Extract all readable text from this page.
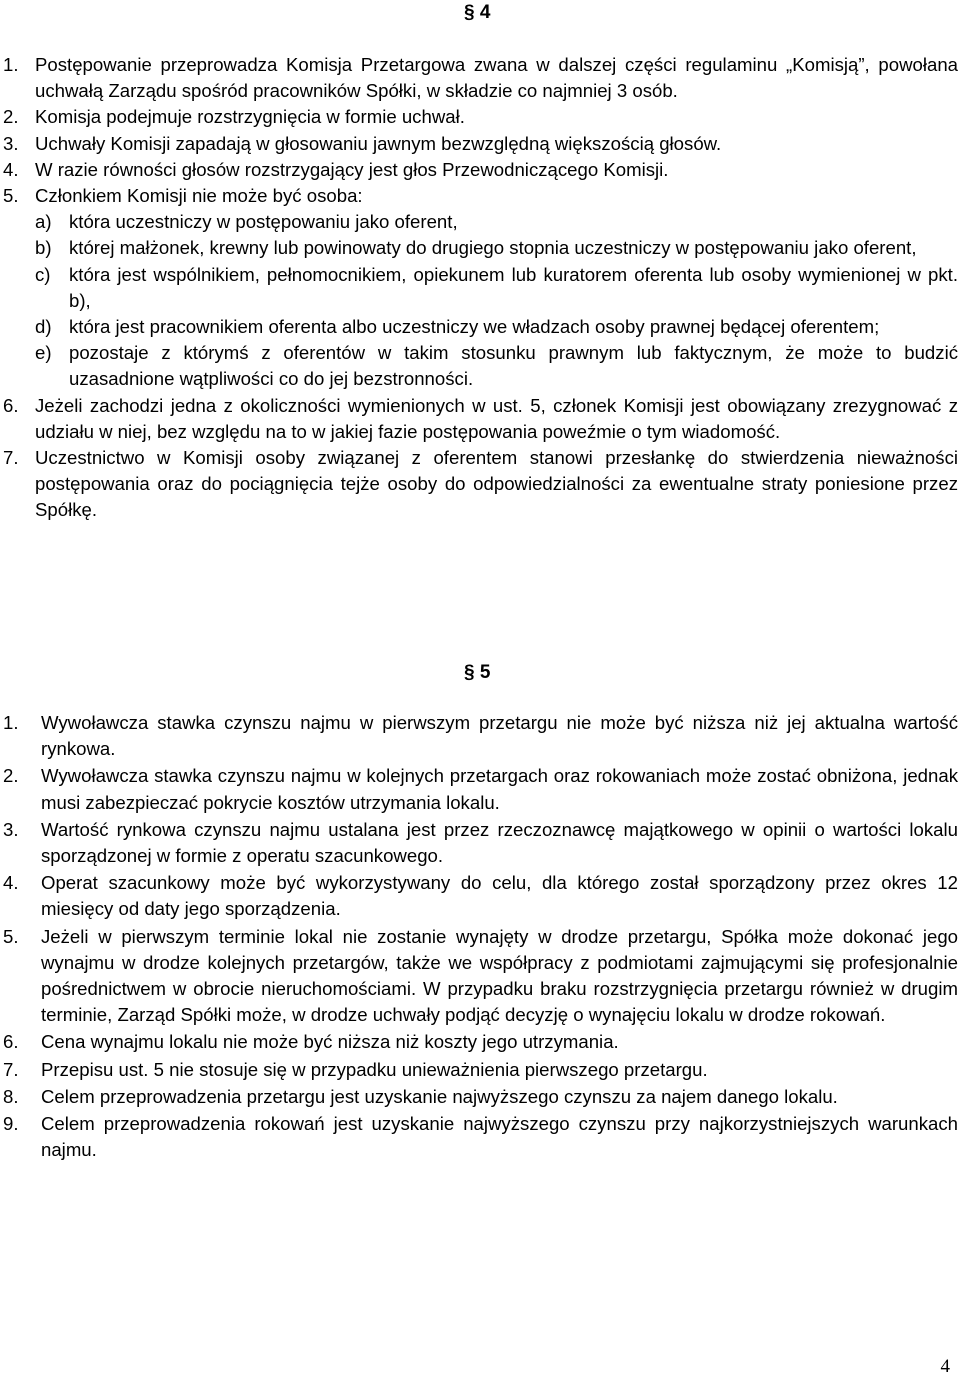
§ 4
1. Postępowanie przeprowadza Komisja Przetargowa zwana w dalszej części regulaminu „Komisją”, powołana uchwałą Zarządu spośród pracowników Spółki, w składzie co najmniej 3 osób.
2. Komisja podejmuje rozstrzygnięcia w formie uchwał.
3. Uchwały Komisji zapadają w głosowaniu jawnym bezwzględną większością głosów.
4. W razie równości głosów rozstrzygający jest głos Przewodniczącego Komisji.
5. Członkiem Komisji nie może być osoba:
a) która uczestniczy w postępowaniu jako oferent,
b) której małżonek, krewny lub powinowaty do drugiego stopnia uczestniczy w postępowaniu jako oferent,
c) która jest wspólnikiem, pełnomocnikiem, opiekunem lub kuratorem oferenta lub osoby wymienionej w pkt. b),
d) która jest pracownikiem oferenta albo uczestniczy we władzach osoby prawnej będącej oferentem;
e) pozostaje z którymś z oferentów w takim stosunku prawnym lub faktycznym, że może to budzić uzasadnione wątpliwości co do jej bezstronności.
6. Jeżeli zachodzi jedna z okoliczności wymienionych w ust. 5, członek Komisji jest obowiązany zrezygnować z udziału w niej, bez względu na to w jakiej fazie postępowania poweźmie o tym wiadomość.
7. Uczestnictwo w Komisji osoby związanej z oferentem stanowi przesłankę do stwierdzenia nieważności postępowania oraz do pociągnięcia tejże osoby do odpowiedzialności za ewentualne straty poniesione przez Spółkę.
§ 5
1. Wywoławcza stawka czynszu najmu w pierwszym przetargu nie może być niższa niż jej aktualna wartość rynkowa.
2. Wywoławcza stawka czynszu najmu w kolejnych przetargach oraz rokowaniach może zostać obniżona, jednak musi zabezpieczać pokrycie kosztów utrzymania lokalu.
3. Wartość rynkowa czynszu najmu ustalana jest przez rzeczoznawcę majątkowego w opinii o wartości lokalu sporządzonej w formie z operatu szacunkowego.
4. Operat szacunkowy może być wykorzystywany do celu, dla którego został sporządzony przez okres 12 miesięcy od daty jego sporządzenia.
5. Jeżeli w pierwszym terminie lokal nie zostanie wynajęty w drodze przetargu, Spółka może dokonać jego wynajmu w drodze kolejnych przetargów, także we współpracy z podmiotami zajmującymi się profesjonalnie pośrednictwem w obrocie nieruchomościami. W przypadku braku rozstrzygnięcia przetargu również w drugim terminie, Zarząd Spółki może, w drodze uchwały podjąć decyzję o wynajęciu lokalu w drodze rokowań.
6. Cena wynajmu lokalu nie może być niższa niż koszty jego utrzymania.
7. Przepisu ust. 5 nie stosuje się w przypadku unieważnienia pierwszego przetargu.
8. Celem przeprowadzenia przetargu jest uzyskanie najwyższego czynszu za najem danego lokalu.
9. Celem przeprowadzenia rokowań jest uzyskanie najwyższego czynszu przy najkorzystniejszych warunkach najmu.
4
